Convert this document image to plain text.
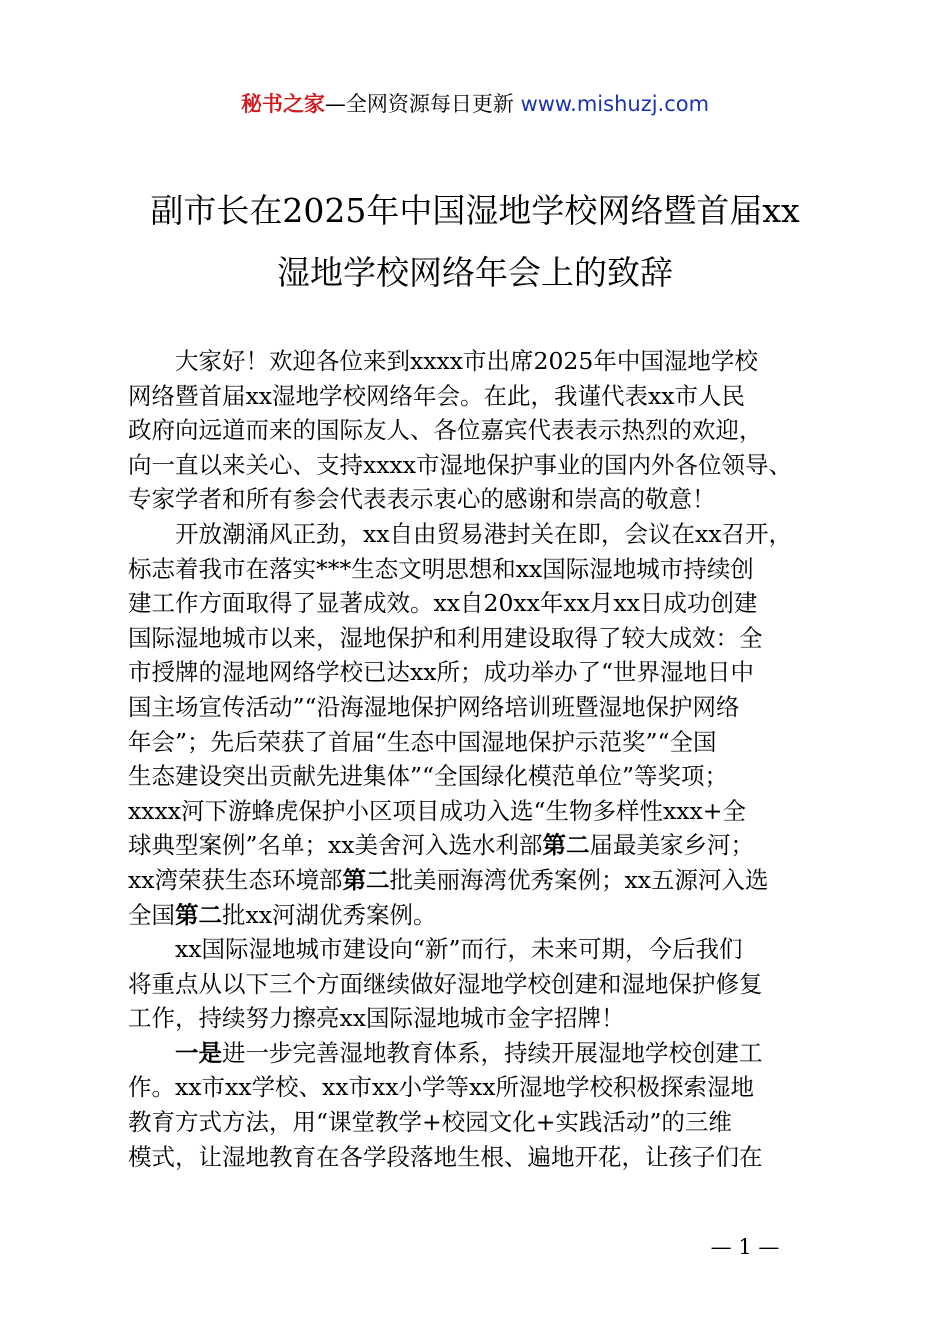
秘书之家—全网资源每日更新 www.mishuzj.com
副市长在2025年中国湿地学校网络暨首届xx
湿地学校网络年会上的致辞

大家好！欢迎各位来到xxxx市出席2025年中国湿地学校
网络暨首届xx湿地学校网络年会。在此，我谨代表xx市人民
政府向远道而来的国际友人、各位嘉宾代表表示热烈的欢迎，
向一直以来关心、支持xxxx市湿地保护事业的国内外各位领导、
专家学者和所有参会代表表示衷心的感谢和崇高的敬意！

开放潮涌风正劲，xx自由贸易港封关在即，会议在xx召开，
标志着我市在落实***生态文明思想和xx国际湿地城市持续创
建工作方面取得了显著成效。xx自20xx年xx月xx日成功创建
国际湿地城市以来，湿地保护和利用建设取得了较大成效：全
市授牌的湿地网络学校已达xx所；成功举办了“世界湿地日中
国主场宣传活动”“沿海湿地保护网络培训班暨湿地保护网络
年会”；先后荣获了首届“生态中国湿地保护示范奖”“全国
生态建设突出贡献先进集体”“全国绿化模范单位”等奖项；
xxxx河下游蜂虎保护小区项目成功入选“生物多样性xxx+全
球典型案例”名单；xx美舍河入选水利部第二届最美家乡河；
xx湾荣获生态环境部第二批美丽海湾优秀案例；xx五源河入选
全国第二批xx河湖优秀案例。

xx国际湿地城市建设向“新”而行，未来可期，今后我们
将重点从以下三个方面继续做好湿地学校创建和湿地保护修复
工作，持续努力擦亮xx国际湿地城市金字招牌！

一是进一步完善湿地教育体系，持续开展湿地学校创建工
作。xx市xx学校、xx市xx小学等xx所湿地学校积极探索湿地
教育方式方法，用“课堂教学+校园文化+实践活动”的三维
模式，让湿地教育在各学段落地生根、遍地开花，让孩子们在

— 1 —
